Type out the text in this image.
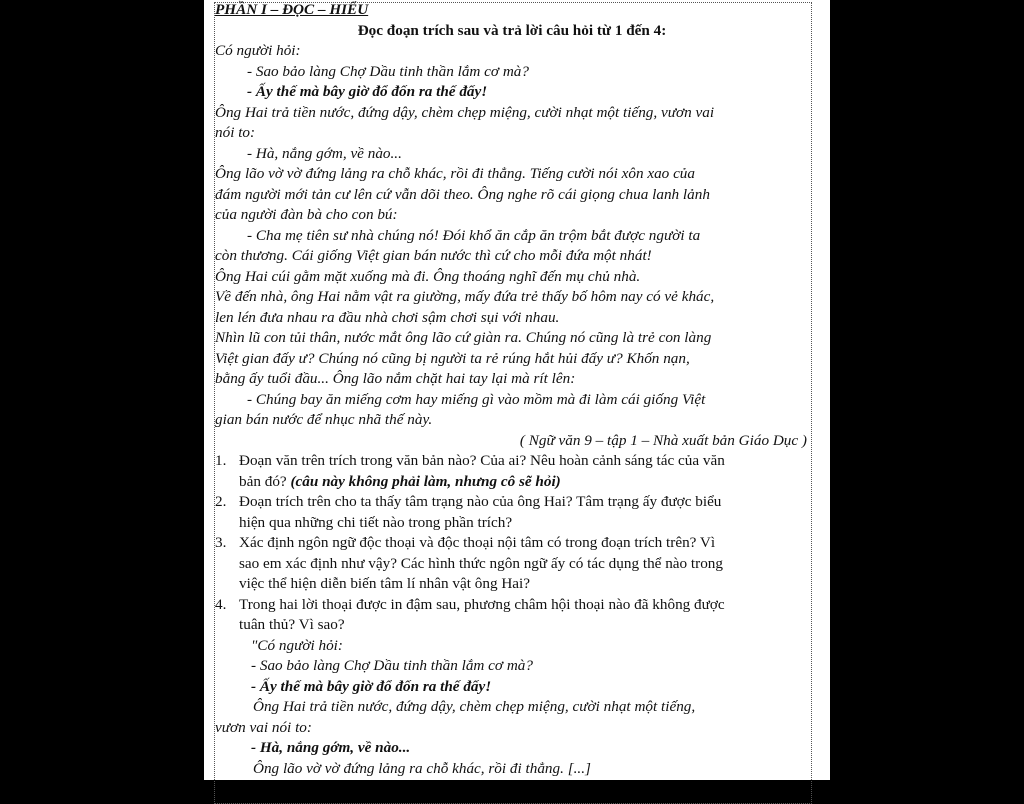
PHẦN I – ĐỌC – HIỂU
Đọc đoạn trích sau và trả lời câu hỏi từ 1 đến 4:
Có người hỏi:
- Sao bảo làng Chợ Dầu tinh thần lắm cơ mà?
- Ấy thế mà bây giờ đổ đốn ra thế đấy!
Ông Hai trả tiền nước, đứng dậy, chèm chẹp miệng, cười nhạt một tiếng, vươn vai
nói to:
- Hà, nắng gớm, về nào...
Ông lão vờ vờ đứng lảng ra chỗ khác, rồi đi thẳng. Tiếng cười nói xôn xao của
đám người mới tản cư lên cứ vẫn dõi theo. Ông nghe rõ cái giọng chua lanh lảnh
của người đàn bà cho con bú:
- Cha mẹ tiên sư nhà chúng nó! Đói khổ ăn cắp ăn trộm bắt được người ta
còn thương. Cái giống Việt gian bán nước thì cứ cho mỗi đứa một nhát!
Ông Hai cúi gằm mặt xuống mà đi. Ông thoáng nghĩ đến mụ chủ nhà.
Về đến nhà, ông Hai nằm vật ra giường, mấy đứa trẻ thấy bố hôm nay có vẻ khác,
len lén đưa nhau ra đầu nhà chơi sậm chơi sụi với nhau.
Nhìn lũ con tủi thân, nước mắt ông lão cứ giàn ra. Chúng nó cũng là trẻ con làng
Việt gian đấy ư? Chúng nó cũng bị người ta rẻ rúng hắt hủi đấy ư? Khốn nạn,
bằng ấy tuổi đầu... Ông lão nắm chặt hai tay lại mà rít lên:
- Chúng bay ăn miếng cơm hay miếng gì vào mồm mà đi làm cái giống Việt
gian bán nước để nhục nhã thế này.
( Ngữ văn 9 – tập 1 – Nhà xuất bản Giáo Dục )
1. Đoạn văn trên trích trong văn bản nào? Của ai? Nêu hoàn cảnh sáng tác của văn
bản đó? (câu này không phải làm, nhưng cô sẽ hỏi)
2. Đoạn trích trên cho ta thấy tâm trạng nào của ông Hai? Tâm trạng ấy được biểu
hiện qua những chi tiết nào trong phần trích?
3. Xác định ngôn ngữ độc thoại và độc thoại nội tâm có trong đoạn trích trên? Vì
sao em xác định như vậy? Các hình thức ngôn ngữ ấy có tác dụng thể nào trong
việc thể hiện diễn biến tâm lí nhân vật ông Hai?
4. Trong hai lời thoại được in đậm sau, phương châm hội thoại nào đã không được
tuân thủ? Vì sao?
"Có người hỏi:
- Sao bảo làng Chợ Dầu tinh thần lắm cơ mà?
- Ấy thế mà bây giờ đổ đốn ra thế đấy!
Ông Hai trả tiền nước, đứng dậy, chèm chẹp miệng, cười nhạt một tiếng,
vươn vai nói to:
- Hà, nắng gớm, về nào...
Ông lão vờ vờ đứng lảng ra chỗ khác, rồi đi thẳng. [...]
